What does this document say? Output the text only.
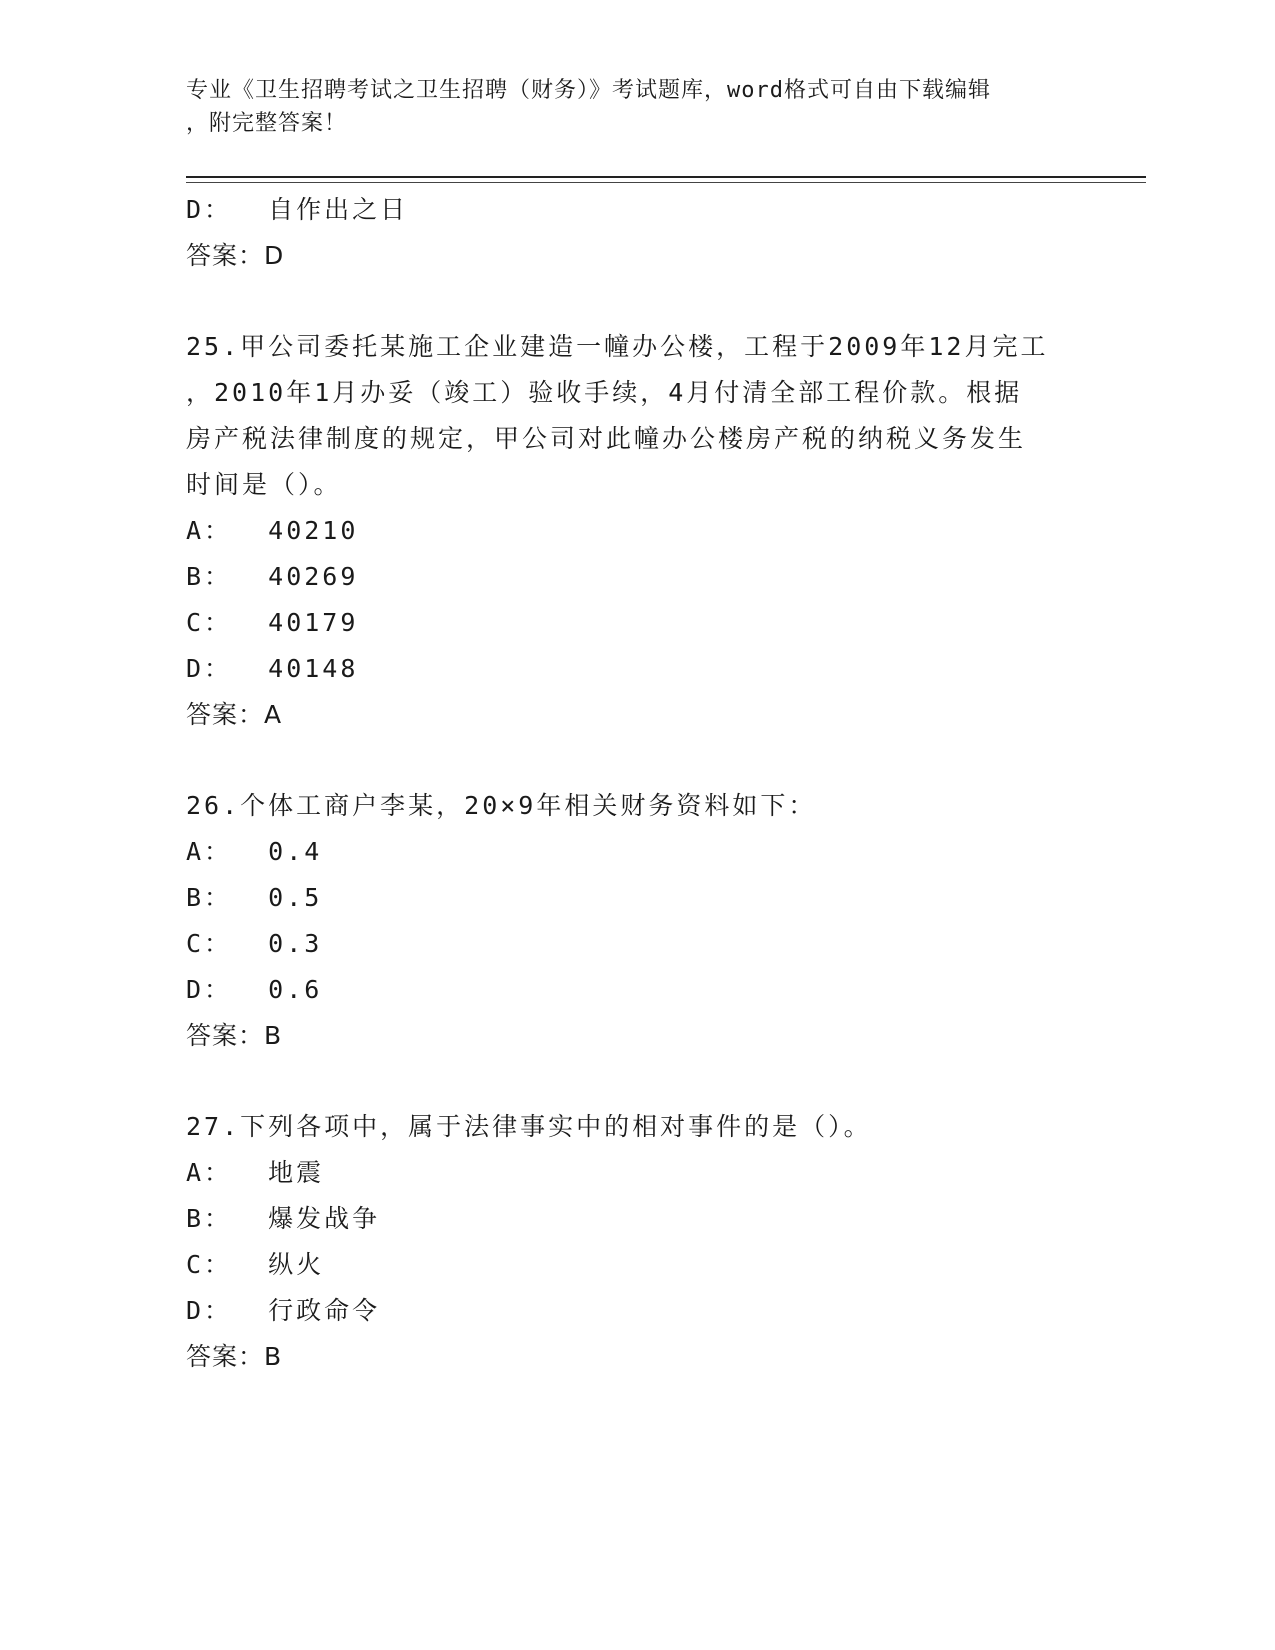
专业《卫生招聘考试之卫生招聘（财务）》考试题库，word格式可自由下载编辑
，附完整答案！
D：  自作出之日
答案：D
25.甲公司委托某施工企业建造一幢办公楼，工程于2009年12月完工
，2010年1月办妥（竣工）验收手续，4月付清全部工程价款。根据
房产税法律制度的规定，甲公司对此幢办公楼房产税的纳税义务发生
时间是（）。
A：  40210
B：  40269
C：  40179
D：  40148
答案：A
26.个体工商户李某，20×9年相关财务资料如下：
A：  0.4
B：  0.5
C：  0.3
D：  0.6
答案：B
27.下列各项中，属于法律事实中的相对事件的是（）。
A：  地震
B：  爆发战争
C：  纵火
D：  行政命令
答案：B
